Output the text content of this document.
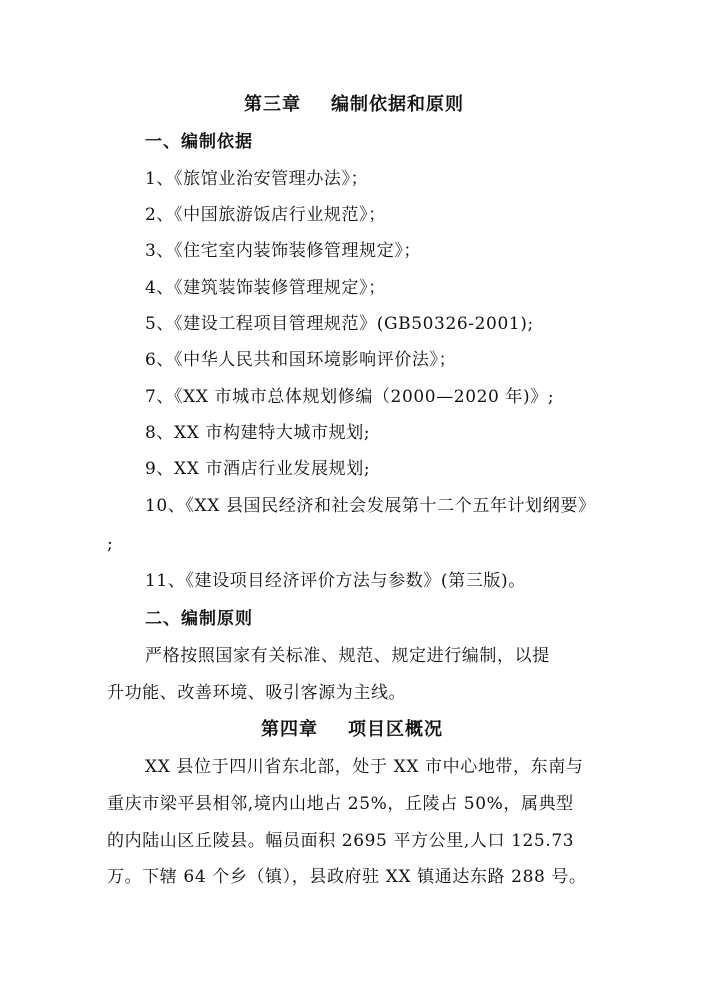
第三章 编制依据和原则
一、编制依据
1、《旅馆业治安管理办法》；
2、《中国旅游饭店行业规范》；
3、《住宅室内装饰装修管理规定》；
4、《建筑装饰装修管理规定》；
5、《建设工程项目管理规范》(GB50326-2001);
6、《中华人民共和国环境影响评价法》；
7、《XX 市城市总体规划修编（2000—2020 年)》;
8、XX 市构建特大城市规划;
9、XX 市酒店行业发展规划;
10、《XX 县国民经济和社会发展第十二个五年计划纲要》
;
11、《建设项目经济评价方法与参数》(第三版)。
二、编制原则
严格按照国家有关标准、规范、规定进行编制，以提
升功能、改善环境、吸引客源为主线。
第四章 项目区概况
XX 县位于四川省东北部，处于 XX 市中心地带，东南与
重庆市梁平县相邻,境内山地占 25%，丘陵占 50%，属典型
的内陆山区丘陵县。幅员面积 2695 平方公里,人口 125.73
万。下辖 64 个乡（镇），县政府驻 XX 镇通达东路 288 号。
